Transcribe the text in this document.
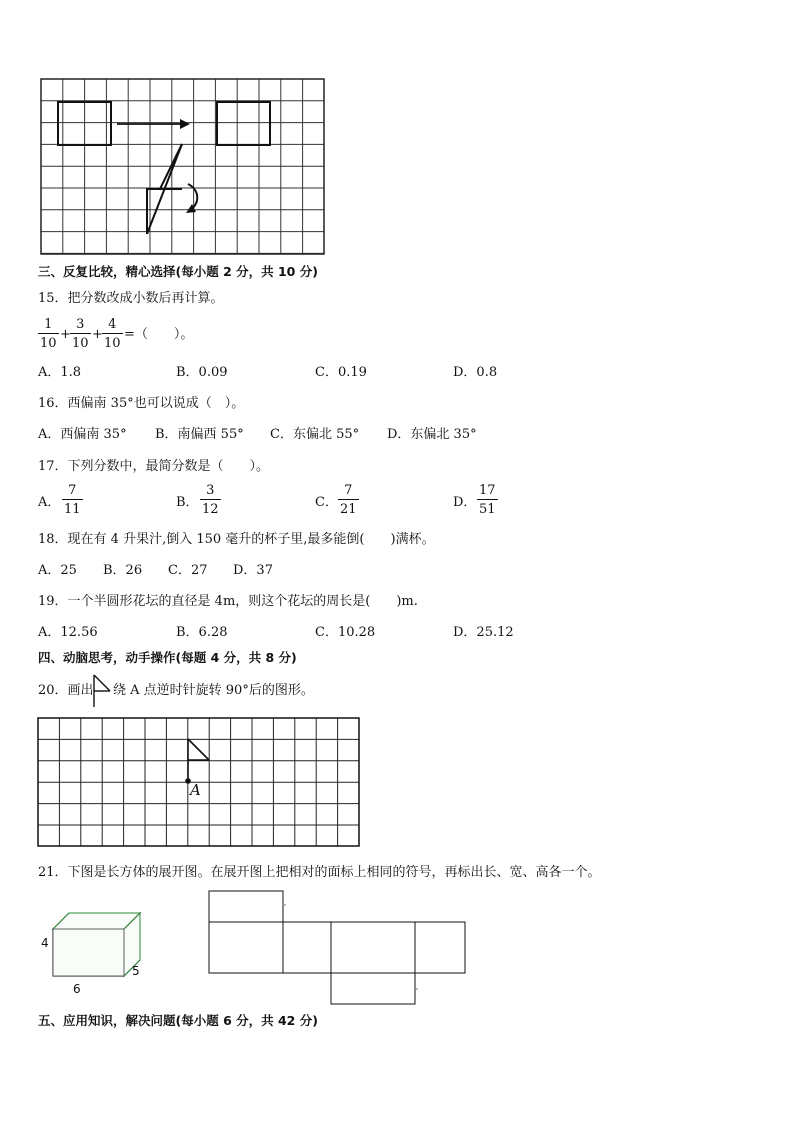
三、反复比较，精心选择(每小题 2 分，共 10 分)
15．把分数改成小数后再计算。
$\frac{1}{10} + \frac{3}{10} + \frac{4}{10}$ =（　　）。
A．1.8	B．0.09	C．0.19	D．0.8
16．西偏南 35°也可以说成（　）。
A．西偏南 35° B．南偏西 55° C．东偏北 55° D．东偏北 35°
17．下列分数中，最简分数是（　　）。
A． $\frac{7}{11}$	B． $\frac{3}{12}$	C． $\frac{7}{21}$	D． $\frac{17}{51}$
18．现在有 4 升果汁,倒入 150 毫升的杯子里,最多能倒(　　)满杯。
A．25 B．26 C．27 D．37
19．一个半圆形花坛的直径是 4m，则这个花坛的周长是(　　)m.
A．12.56	B．6.28	C．10.28	D．25.12
四、动脑思考，动手操作(每题 4 分，共 8 分)
20．画出 绕 A 点逆时针旋转 90°后的图形。
A
21．下图是长方体的展开图。在展开图上把相对的面标上相同的符号，再标出长、宽、高各一个。
4
6
5
五、应用知识，解决问题(每小题 6 分，共 42 分)
